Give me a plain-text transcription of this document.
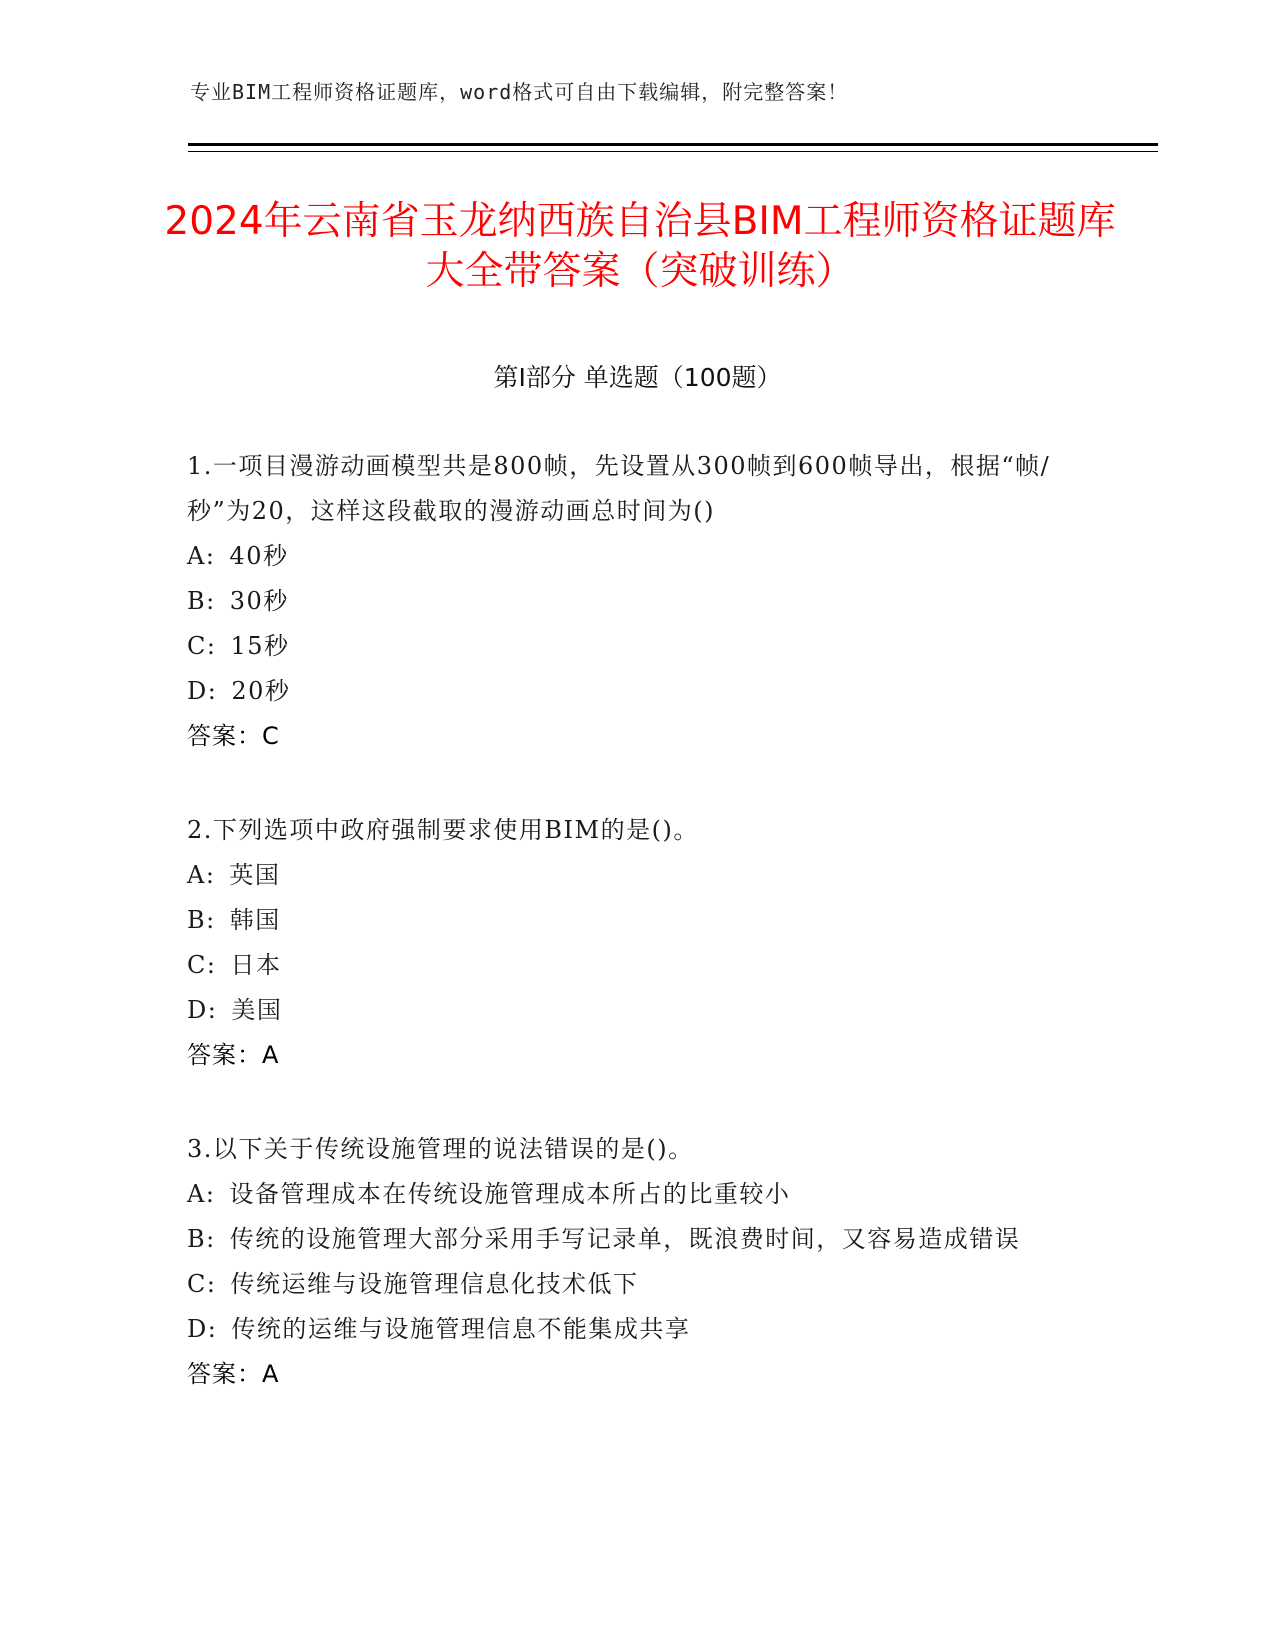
专业BIM工程师资格证题库，word格式可自由下载编辑，附完整答案！
2024年云南省玉龙纳西族自治县BIM工程师资格证题库大全带答案（突破训练）
第Ⅰ部分 单选题（100题）

1.一项目漫游动画模型共是800帧，先设置从300帧到600帧导出，根据“帧/秒”为20，这样这段截取的漫游动画总时间为()

A: 40秒

B: 30秒

C: 15秒

D: 20秒

答案：C

2.下列选项中政府强制要求使用BIM的是()。

A: 英国

B: 韩国

C: 日本

D: 美国

答案：A

3.以下关于传统设施管理的说法错误的是()。

A: 设备管理成本在传统设施管理成本所占的比重较小

B: 传统的设施管理大部分采用手写记录单，既浪费时间，又容易造成错误

C: 传统运维与设施管理信息化技术低下

D: 传统的运维与设施管理信息不能集成共享

答案：A
